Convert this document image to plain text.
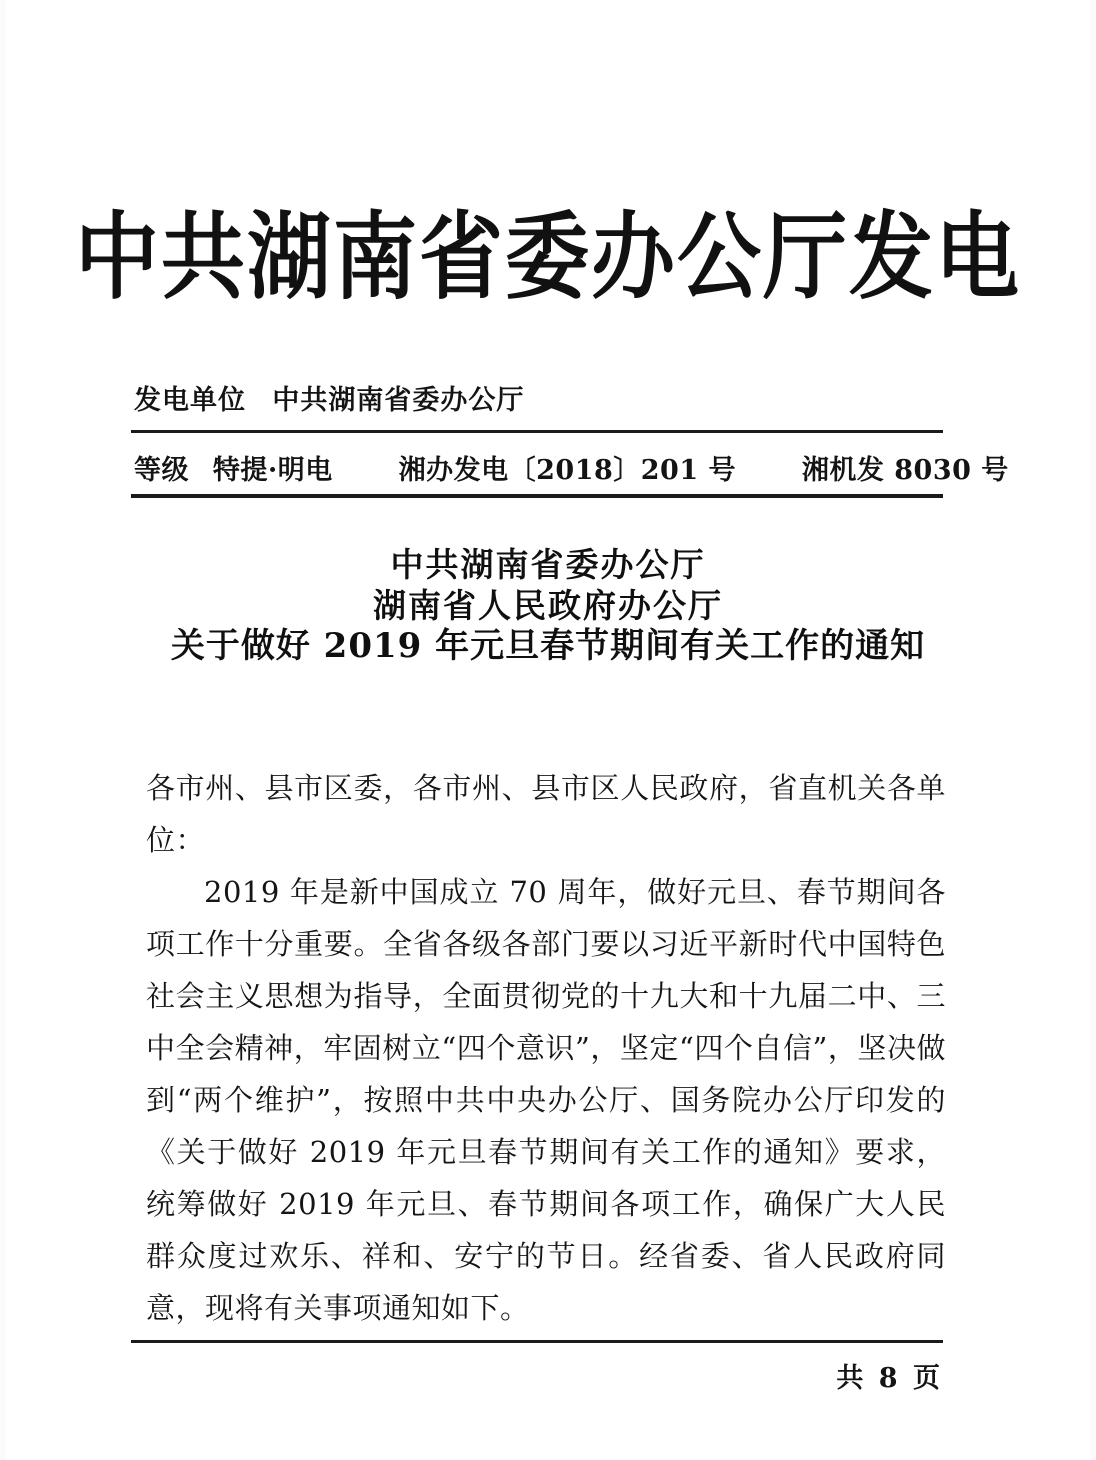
中共湖南省委办公厅发电
发电单位 中共湖南省委办公厅
等级 特提·明电 湘办发电〔2018〕201 号 湘机发 8030 号
中共湖南省委办公厅
湖南省人民政府办公厅
关于做好 2019 年元旦春节期间有关工作的通知

各市州、县市区委，各市州、县市区人民政府，省直机关各单位：

2019 年是新中国成立 70 周年，做好元旦、春节期间各项工作十分重要。全省各级各部门要以习近平新时代中国特色社会主义思想为指导，全面贯彻党的十九大和十九届二中、三中全会精神，牢固树立“四个意识”，坚定“四个自信”，坚决做到“两个维护”，按照中共中央办公厅、国务院办公厅印发的《关于做好 2019 年元旦春节期间有关工作的通知》要求，统筹做好 2019 年元旦、春节期间各项工作，确保广大人民群众度过欢乐、祥和、安宁的节日。经省委、省人民政府同意，现将有关事项通知如下。

共 8 页
